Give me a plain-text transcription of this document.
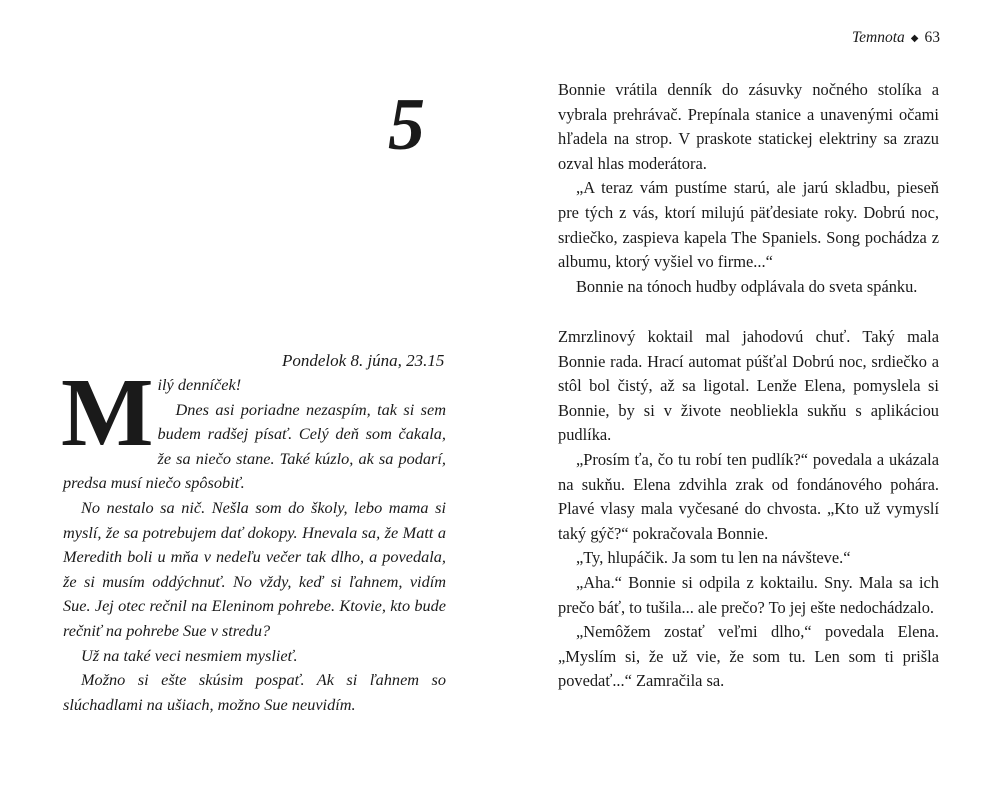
5
Pondelok 8. júna, 23.15
M ilý denníček!

Dnes asi poriadne nezaspím, tak si sem budem radšej písať. Celý deň som čakala, že sa niečo stane. Také kúzlo, ak sa podarí, predsa musí niečo spôsobiť.

No nestalo sa nič. Nešla som do školy, lebo mama si myslí, že sa potrebujem dať dokopy. Hnevala sa, že Matt a Meredith boli u mňa v nedeľu večer tak dlho, a povedala, že si musím oddýchnuť. No vždy, keď si ľahnem, vidím Sue. Jej otec rečnil na Eleninom pohrebe. Ktovie, kto bude rečniť na pohrebe Sue v stredu?

Už na také veci nesmiem myslieť.

Možno si ešte skúsim pospať. Ak si ľahnem so slúchadlami na ušiach, možno Sue neuvidím.

Temnota ◆ 63

Bonnie vrátila denník do zásuvky nočného stolíka a vybrala prehrávač. Prepínala stanice a unavenými očami hľadela na strop. V praskote statickej elektriny sa zrazu ozval hlas moderátora.

„A teraz vám pustíme starú, ale jarú skladbu, pieseň pre tých z vás, ktorí milujú päťdesiate roky. Dobrú noc, srdiečko, zaspieva kapela The Spaniels. Song pochádza z albumu, ktorý vyšiel vo firme...“

Bonnie na tónoch hudby odplávala do sveta spánku.

Zmrzlinový koktail mal jahodovú chuť. Taký mala Bonnie rada. Hrací automat púšťal Dobrú noc, srdiečko a stôl bol čistý, až sa ligotal. Lenže Elena, pomyslela si Bonnie, by si v živote neobliekla sukňu s aplikáciou pudlíka.

„Prosím ťa, čo tu robí ten pudlík?“ povedala a ukázala na sukňu. Elena zdvihla zrak od fondánového pohára. Plavé vlasy mala vyčesané do chvosta. „Kto už vymyslí taký gýč?“ pokračovala Bonnie.

„Ty, hlupáčik. Ja som tu len na návšteve.“

„Aha.“ Bonnie si odpila z koktailu. Sny. Mala sa ich prečo báť, to tušila... ale prečo? To jej ešte nedochádzalo.

„Nemôžem zostať veľmi dlho,“ povedala Elena. „Myslím si, že už vie, že som tu. Len som ti prišla povedať...“ Zamračila sa.
